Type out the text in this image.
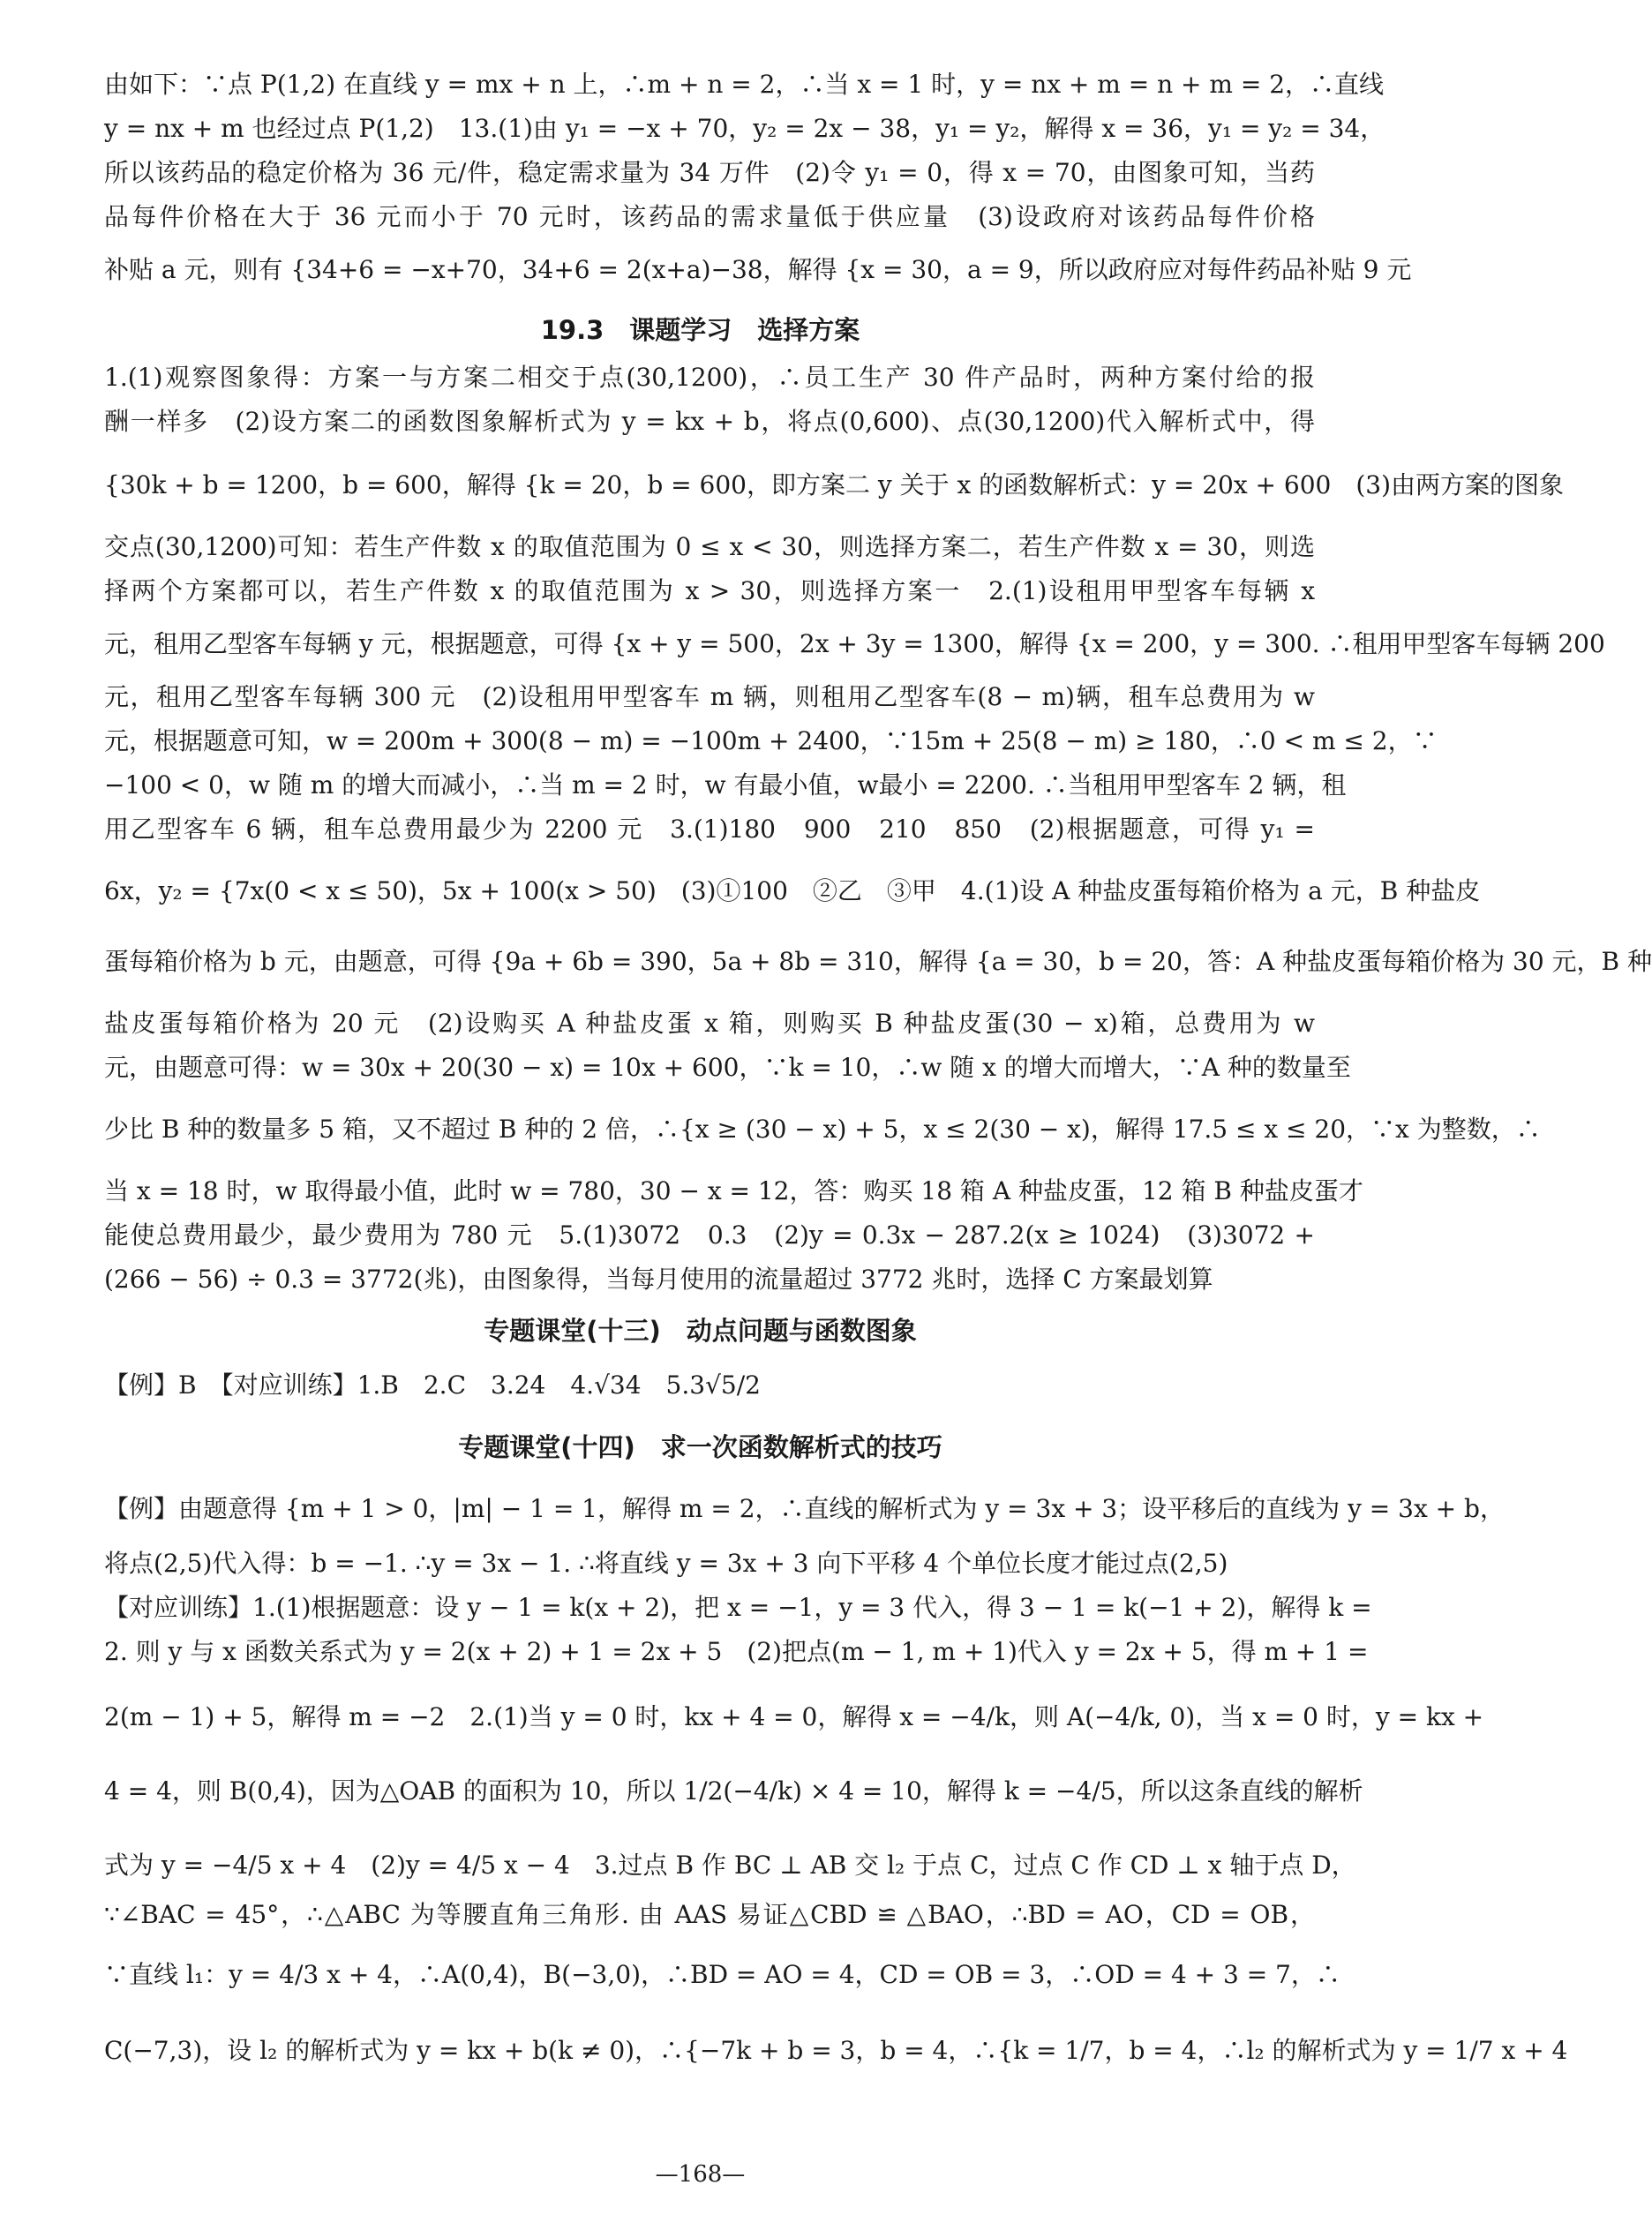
由如下：∵点 P(1,2) 在直线 y = mx + n 上，∴m + n = 2，∴当 x = 1 时，y = nx + m = n + m = 2，∴直线
y = nx + m 也经过点 P(1,2)　13.(1)由 y₁ = −x + 70，y₂ = 2x − 38，y₁ = y₂，解得 x = 36，y₁ = y₂ = 34，
所以该药品的稳定价格为 36 元/件，稳定需求量为 34 万件　(2)令 y₁ = 0，得 x = 70，由图象可知，当药
品每件价格在大于 36 元而小于 70 元时，该药品的需求量低于供应量　(3)设政府对该药品每件价格
补贴 a 元，则有 {34+6 = −x+70，34+6 = 2(x+a)−38，解得 {x = 30，a = 9，所以政府应对每件药品补贴 9 元
19.3　课题学习　选择方案
1.(1)观察图象得：方案一与方案二相交于点(30,1200)，∴员工生产 30 件产品时，两种方案付给的报
酬一样多　(2)设方案二的函数图象解析式为 y = kx + b，将点(0,600)、点(30,1200)代入解析式中，得
{30k + b = 1200，b = 600，解得 {k = 20，b = 600，即方案二 y 关于 x 的函数解析式：y = 20x + 600　(3)由两方案的图象
交点(30,1200)可知：若生产件数 x 的取值范围为 0 ≤ x < 30，则选择方案二，若生产件数 x = 30，则选
择两个方案都可以，若生产件数 x 的取值范围为 x > 30，则选择方案一　2.(1)设租用甲型客车每辆 x
元，租用乙型客车每辆 y 元，根据题意，可得 {x + y = 500，2x + 3y = 1300，解得 {x = 200，y = 300. ∴租用甲型客车每辆 200
元，租用乙型客车每辆 300 元　(2)设租用甲型客车 m 辆，则租用乙型客车(8 − m)辆，租车总费用为 w
元，根据题意可知，w = 200m + 300(8 − m) = −100m + 2400，∵15m + 25(8 − m) ≥ 180，∴0 < m ≤ 2，∵
−100 < 0，w 随 m 的增大而减小，∴当 m = 2 时，w 有最小值，w最小 = 2200. ∴当租用甲型客车 2 辆，租
用乙型客车 6 辆，租车总费用最少为 2200 元　3.(1)180　900　210　850　(2)根据题意，可得 y₁ =
6x，y₂ = {7x(0 < x ≤ 50)，5x + 100(x > 50)　(3)①100　②乙　③甲　4.(1)设 A 种盐皮蛋每箱价格为 a 元，B 种盐皮
蛋每箱价格为 b 元，由题意，可得 {9a + 6b = 390，5a + 8b = 310，解得 {a = 30，b = 20，答：A 种盐皮蛋每箱价格为 30 元，B 种
盐皮蛋每箱价格为 20 元　(2)设购买 A 种盐皮蛋 x 箱，则购买 B 种盐皮蛋(30 − x)箱，总费用为 w
元，由题意可得：w = 30x + 20(30 − x) = 10x + 600，∵k = 10，∴w 随 x 的增大而增大，∵A 种的数量至
少比 B 种的数量多 5 箱，又不超过 B 种的 2 倍，∴{x ≥ (30 − x) + 5，x ≤ 2(30 − x)，解得 17.5 ≤ x ≤ 20，∵x 为整数，∴
当 x = 18 时，w 取得最小值，此时 w = 780，30 − x = 12，答：购买 18 箱 A 种盐皮蛋，12 箱 B 种盐皮蛋才
能使总费用最少，最少费用为 780 元　5.(1)3072　0.3　(2)y = 0.3x − 287.2(x ≥ 1024)　(3)3072 +
(266 − 56) ÷ 0.3 = 3772(兆)，由图象得，当每月使用的流量超过 3772 兆时，选择 C 方案最划算
专题课堂(十三)　动点问题与函数图象
【例】B　【对应训练】1.B　2.C　3.24　4.√34　5.3√5/2
专题课堂(十四)　求一次函数解析式的技巧
【例】由题意得 {m + 1 > 0，|m| − 1 = 1，解得 m = 2，∴直线的解析式为 y = 3x + 3；设平移后的直线为 y = 3x + b，
将点(2,5)代入得：b = −1. ∴y = 3x − 1. ∴将直线 y = 3x + 3 向下平移 4 个单位长度才能过点(2,5)
【对应训练】1.(1)根据题意：设 y − 1 = k(x + 2)，把 x = −1，y = 3 代入，得 3 − 1 = k(−1 + 2)，解得 k =
2. 则 y 与 x 函数关系式为 y = 2(x + 2) + 1 = 2x + 5　(2)把点(m − 1, m + 1)代入 y = 2x + 5，得 m + 1 =
2(m − 1) + 5，解得 m = −2　2.(1)当 y = 0 时，kx + 4 = 0，解得 x = −4/k，则 A(−4/k, 0)，当 x = 0 时，y = kx +
4 = 4，则 B(0,4)，因为△OAB 的面积为 10，所以 1/2(−4/k) × 4 = 10，解得 k = −4/5，所以这条直线的解析
式为 y = −4/5 x + 4　(2)y = 4/5 x − 4　3.过点 B 作 BC ⊥ AB 交 l₂ 于点 C，过点 C 作 CD ⊥ x 轴于点 D，
∵∠BAC = 45°，∴△ABC 为等腰直角三角形. 由 AAS 易证△CBD ≌ △BAO，∴BD = AO，CD = OB，
∵直线 l₁：y = 4/3 x + 4，∴A(0,4)，B(−3,0)，∴BD = AO = 4，CD = OB = 3，∴OD = 4 + 3 = 7，∴
C(−7,3)，设 l₂ 的解析式为 y = kx + b(k ≠ 0)，∴{−7k + b = 3，b = 4，∴{k = 1/7，b = 4，∴l₂ 的解析式为 y = 1/7 x + 4
—168—
